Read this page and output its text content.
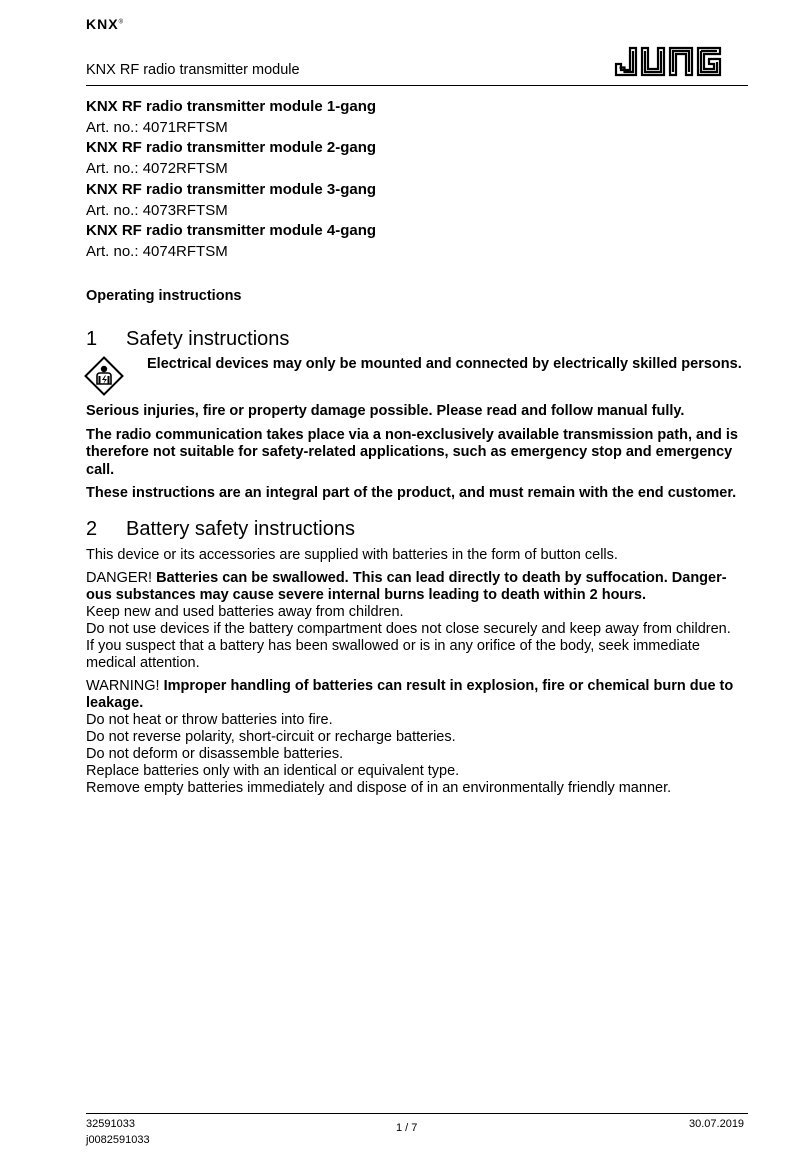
KNX®
KNX RF radio transmitter module
KNX RF radio transmitter module 1-gang
Art. no.: 4071RFTSM
KNX RF radio transmitter module 2-gang
Art. no.: 4072RFTSM
KNX RF radio transmitter module 3-gang
Art. no.: 4073RFTSM
KNX RF radio transmitter module 4-gang
Art. no.: 4074RFTSM
Operating instructions
1 Safety instructions
Electrical devices may only be mounted and connected by electrically skilled persons.

Serious injuries, fire or property damage possible. Please read and follow manual fully.

The radio communication takes place via a non-exclusively available transmission path, and is therefore not suitable for safety-related applications, such as emergency stop and emergency call.

These instructions are an integral part of the product, and must remain with the end customer.

2 Battery safety instructions

This device or its accessories are supplied with batteries in the form of button cells.

DANGER! Batteries can be swallowed. This can lead directly to death by suffocation. Danger-ous substances may cause severe internal burns leading to death within 2 hours.

Keep new and used batteries away from children.

Do not use devices if the battery compartment does not close securely and keep away from children.

If you suspect that a battery has been swallowed or is in any orifice of the body, seek immediate medical attention.

WARNING! Improper handling of batteries can result in explosion, fire or chemical burn due to leakage.

Do not heat or throw batteries into fire.

Do not reverse polarity, short-circuit or recharge batteries.

Do not deform or disassemble batteries.

Replace batteries only with an identical or equivalent type.

Remove empty batteries immediately and dispose of in an environmentally friendly manner.

32591033	1 / 7	30.07.2019
j0082591033
